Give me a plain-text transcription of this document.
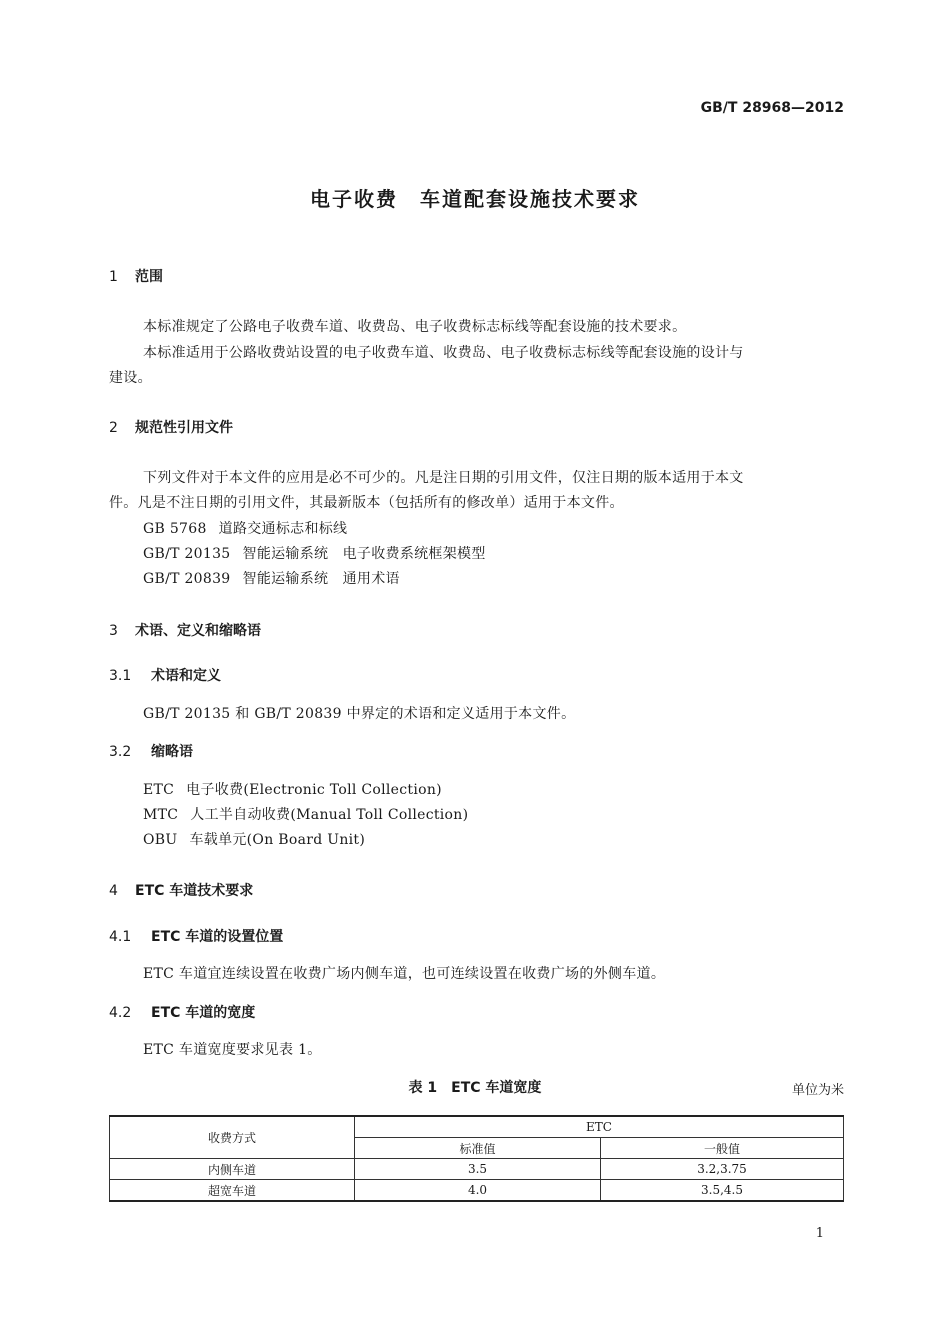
GB/T 28968—2012
电子收费　车道配套设施技术要求
1 范围
本标准规定了公路电子收费车道、收费岛、电子收费标志标线等配套设施的技术要求。
本标准适用于公路收费站设置的电子收费车道、收费岛、电子收费标志标线等配套设施的设计与
建设。
2 规范性引用文件
下列文件对于本文件的应用是必不可少的。凡是注日期的引用文件，仅注日期的版本适用于本文
件。凡是不注日期的引用文件，其最新版本（包括所有的修改单）适用于本文件。
GB 5768 道路交通标志和标线
GB/T 20135 智能运输系统　电子收费系统框架模型
GB/T 20839 智能运输系统　通用术语
3 术语、定义和缩略语
3.1 术语和定义
GB/T 20135 和 GB/T 20839 中界定的术语和定义适用于本文件。
3.2 缩略语
ETC 电子收费(Electronic Toll Collection)
MTC 人工半自动收费(Manual Toll Collection)
OBU 车载单元(On Board Unit)
4 ETC 车道技术要求
4.1 ETC 车道的设置位置
ETC 车道宜连续设置在收费广场内侧车道，也可连续设置在收费广场的外侧车道。
4.2 ETC 车道的宽度
ETC 车道宽度要求见表 1。
表 1　ETC 车道宽度	单位为米
收费方式	ETC	
	标准值	一般值
内侧车道	3.5	3.2,3.75
超宽车道	4.0	3.5,4.5
1
